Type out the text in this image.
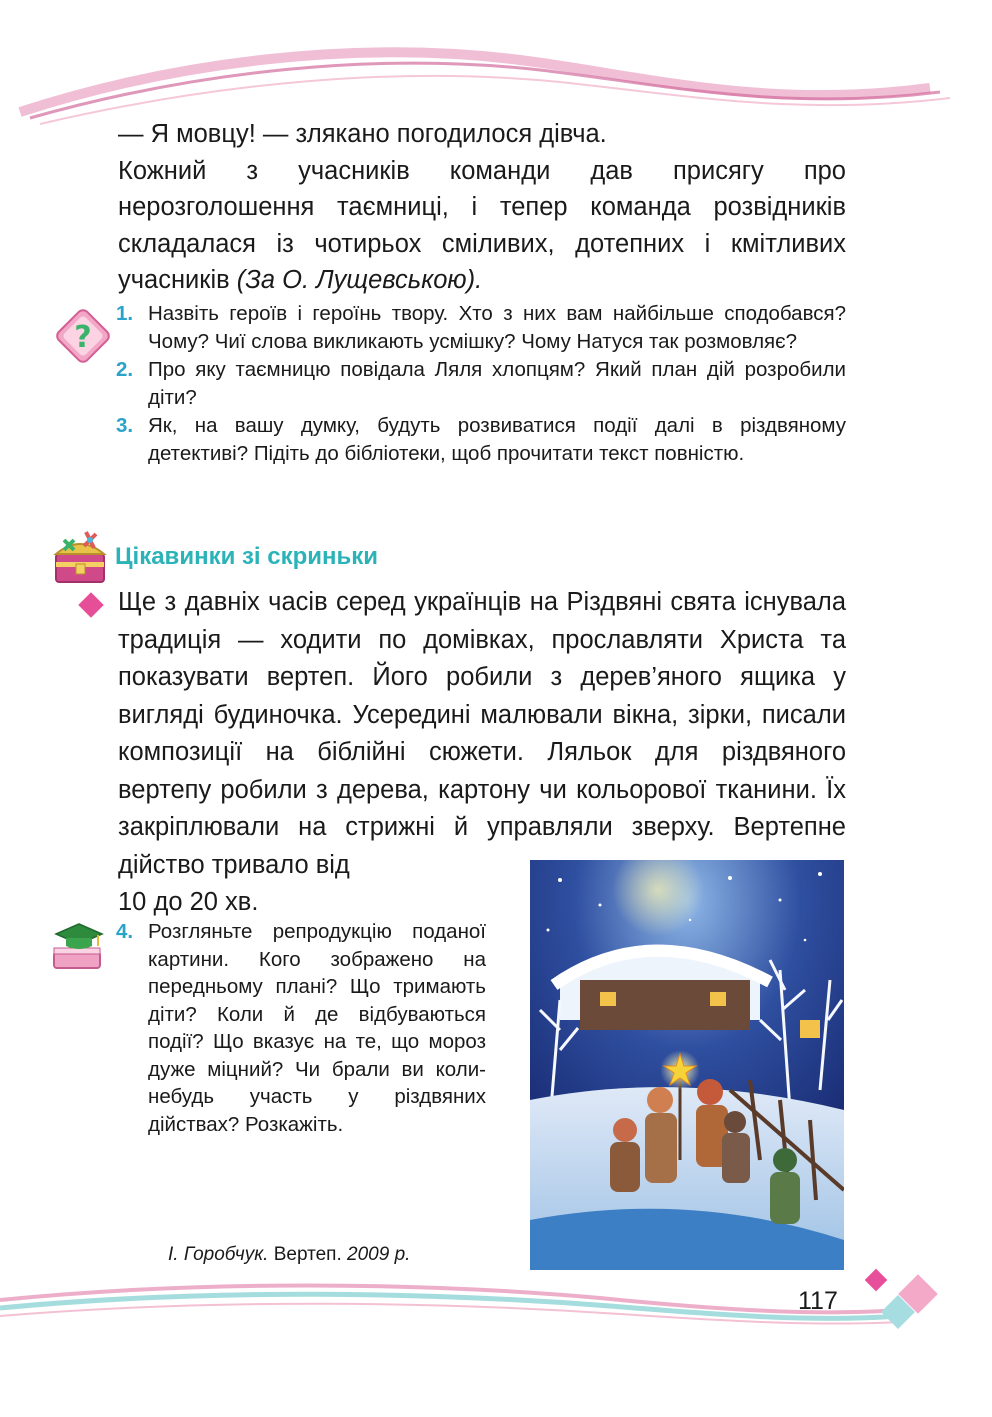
— Я мовцу! — злякано погодилося дівча.

Кожний з учасників команди дав присягу про нерозголошення таємниці, і тепер команда розвідників складалася із чотирьох сміливих, дотепних і кмітливих учасників (За О. Лущевською).

?
1. Назвіть героїв і героїнь твору. Хто з них вам найбільше сподобався? Чому? Чиї слова викликають усмішку? Чому Натуся так розмовляє?
2. Про яку таємницю повідала Ляля хлопцям? Який план дій розробили діти?
3. Як, на вашу думку, будуть розвиватися події далі в різдвяному детективі? Підіть до бібліотеки, щоб прочитати текст повністю.
Цікавинки зі скриньки
Ще з давніх часів серед українців на Різдвяні свята існувала традиція — ходити по домівках, прославляти Христа та показувати вертеп. Його робили з дерев’яного ящика у вигляді будиночка. Усередині малювали вікна, зірки, писали композиції на біблійні сюжети. Ляльок для різдвяного вертепу робили з дерева, картону чи кольорової тканини. Їх закріплювали на стрижні й управляли зверху. Вертепне дійство тривало від
10 до 20 хв.
4. Розгляньте репродукцію поданої картини. Кого зображено на передньому плані? Що тримають діти? Коли й де відбуваються події? Що вказує на те, що мороз дуже міцний? Чи брали ви коли-небудь участь у різдвяних дійствах? Розкажіть.
І. Горобчук. Вертеп. 2009 р.
117
